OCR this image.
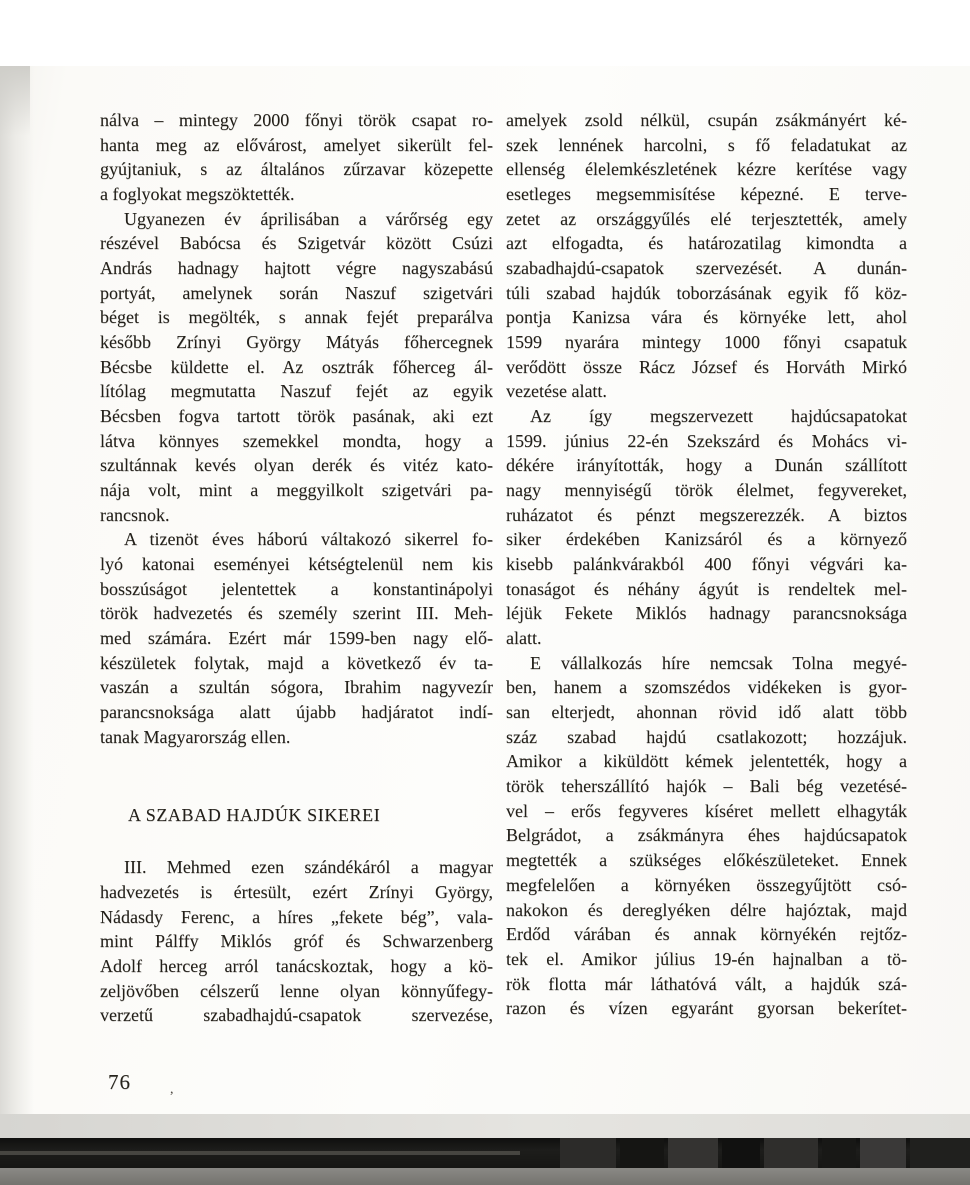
nálva – mintegy 2000 főnyi török csapat ro-
hanta meg az elővárost, amelyet sikerült fel-
gyújtaniuk, s az általános zűrzavar közepette
a foglyokat megszöktették.
Ugyanezen év áprilisában a várőrség egy
részével Babócsa és Szigetvár között Csúzi
András hadnagy hajtott végre nagyszabású
portyát, amelynek során Naszuf szigetvári
béget is megölték, s annak fejét preparálva
később Zrínyi György Mátyás főhercegnek
Bécsbe küldette el. Az osztrák főherceg ál-
lítólag megmutatta Naszuf fejét az egyik
Bécsben fogva tartott török pasának, aki ezt
látva könnyes szemekkel mondta, hogy a
szultánnak kevés olyan derék és vitéz kato-
nája volt, mint a meggyilkolt szigetvári pa-
rancsnok.
A tizenöt éves háború váltakozó sikerrel fo-
lyó katonai eseményei kétségtelenül nem kis
bosszúságot jelentettek a konstantinápolyi
török hadvezetés és személy szerint III. Meh-
med számára. Ezért már 1599-ben nagy elő-
készületek folytak, majd a következő év ta-
vaszán a szultán sógora, Ibrahim nagyvezír
parancsnoksága alatt újabb hadjáratot indí-
tanak Magyarország ellen.
A SZABAD HAJDÚK SIKEREI
III. Mehmed ezen szándékáról a magyar
hadvezetés is értesült, ezért Zrínyi György,
Nádasdy Ferenc, a híres „fekete bég”, vala-
mint Pálffy Miklós gróf és Schwarzenberg
Adolf herceg arról tanácskoztak, hogy a kö-
zeljövőben célszerű lenne olyan könnyűfegy-
verzetű szabadhajdú-csapatok szervezése,
amelyek zsold nélkül, csupán zsákmányért ké-
szek lennének harcolni, s fő feladatukat az
ellenség élelemkészletének kézre kerítése vagy
esetleges megsemmisítése képezné. E terve-
zetet az országgyűlés elé terjesztették, amely
azt elfogadta, és határozatilag kimondta a
szabadhajdú-csapatok szervezését. A dunán-
túli szabad hajdúk toborzásának egyik fő köz-
pontja Kanizsa vára és környéke lett, ahol
1599 nyarára mintegy 1000 főnyi csapatuk
verődött össze Rácz József és Horváth Mirkó
vezetése alatt.
Az így megszervezett hajdúcsapatokat
1599. június 22-én Szekszárd és Mohács vi-
dékére irányították, hogy a Dunán szállított
nagy mennyiségű török élelmet, fegyvereket,
ruházatot és pénzt megszerezzék. A biztos
siker érdekében Kanizsáról és a környező
kisebb palánkvárakból 400 főnyi végvári ka-
tonaságot és néhány ágyút is rendeltek mel-
léjük Fekete Miklós hadnagy parancsnoksága
alatt.
E vállalkozás híre nemcsak Tolna megyé-
ben, hanem a szomszédos vidékeken is gyor-
san elterjedt, ahonnan rövid idő alatt több
száz szabad hajdú csatlakozott; hozzájuk.
Amikor a kiküldött kémek jelentették, hogy a
török teherszállító hajók – Bali bég vezetésé-
vel – erős fegyveres kíséret mellett elhagyták
Belgrádot, a zsákmányra éhes hajdúcsapatok
megtették a szükséges előkészületeket. Ennek
megfelelően a környéken összegyűjtött csó-
nakokon és dereglyéken délre hajóztak, majd
Erdőd várában és annak környékén rejtőz-
tek el. Amikor július 19-én hajnalban a tö-
rök flotta már láthatóvá vált, a hajdúk szá-
razon és vízen egyaránt gyorsan bekerítet-
76	,
